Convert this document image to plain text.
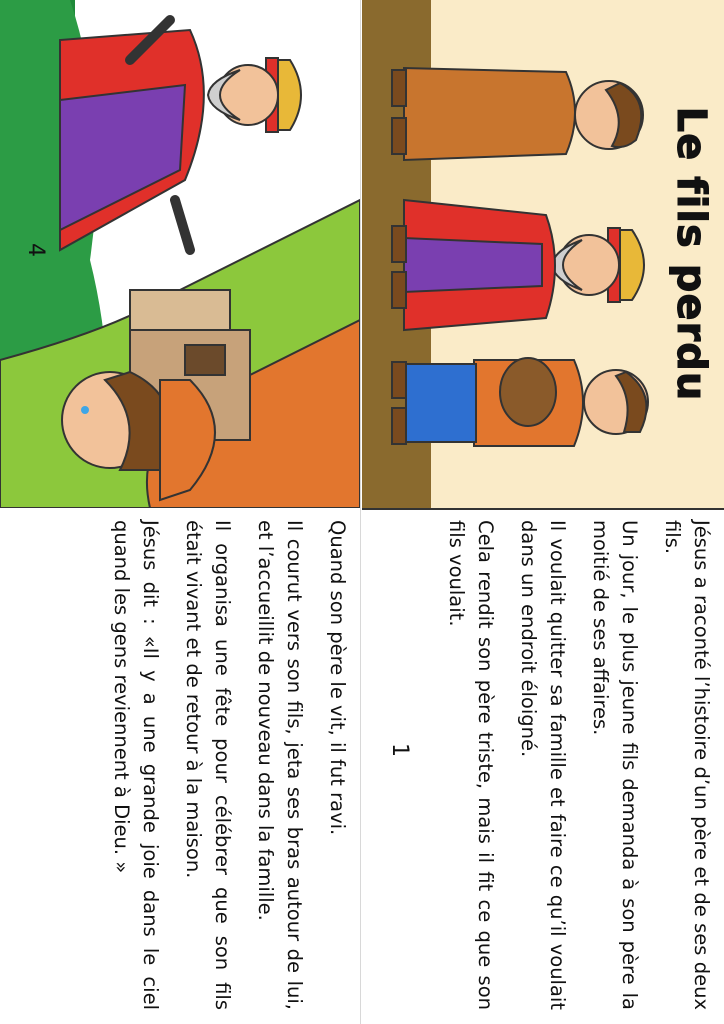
Le fils perdu

Jésus a raconté l’histoire d’un père et de ses deux fils.

Un jour, le plus jeune fils demanda à son père la moitié de ses affaires.

Il voulait quitter sa famille et faire ce qu’il voulait dans un endroit éloigné.

Cela rendit son père triste, mais il fit ce que son fils voulait.

1

Quand son père le vit, il fut ravi.

Il courut vers son fils, jeta ses bras autour de lui, et l’accueillit de nouveau dans la famille.

Il organisa une fête pour célébrer que son fils était vivant et de retour à la maison.

Jésus dit : «Il y a une grande joie dans le ciel quand les gens reviennent à Dieu. »

4
